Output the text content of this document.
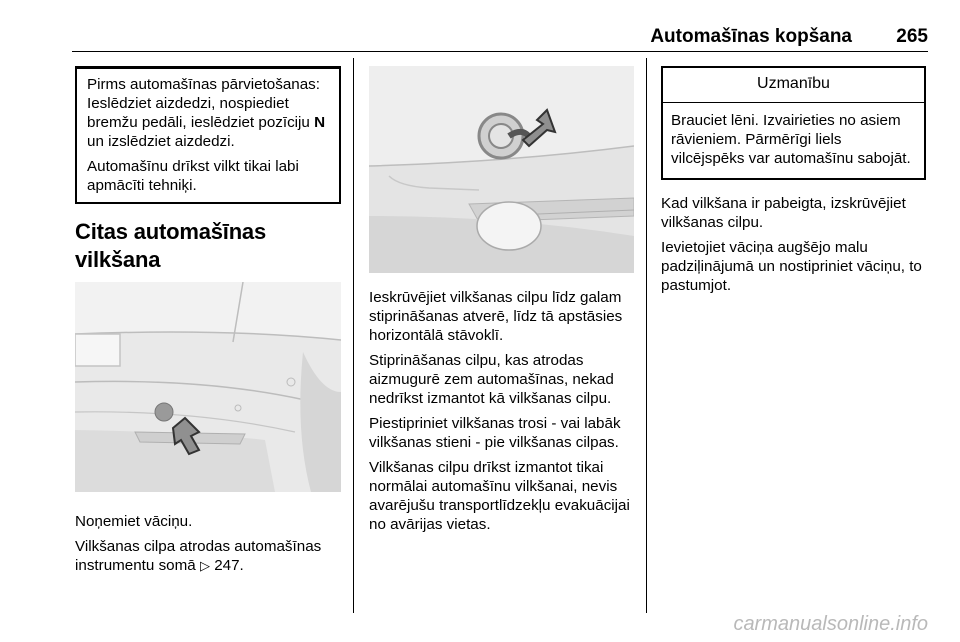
Automašīnas kopšana 265

Pirms automašīnas pārvietošanas: Ieslēdziet aizdedzi, nospiediet bremžu pedāli, ieslēdziet pozīciju N un izslēdziet aizdedzi.

Automašīnu drīkst vilkt tikai labi apmācīti tehniķi.

Citas automašīnas vilkšana

Noņemiet vāciņu.

Vilkšanas cilpa atrodas automašīnas instrumentu somā ▷ 247.

Ieskrūvējiet vilkšanas cilpu līdz galam stiprināšanas atverē, līdz tā apstāsies horizontālā stāvoklī.

Stiprināšanas cilpu, kas atrodas aizmugurē zem automašīnas, nekad nedrīkst izmantot kā vilkšanas cilpu.

Piestipriniet vilkšanas trosi - vai labāk vilkšanas stieni - pie vilkšanas cilpas.

Vilkšanas cilpu drīkst izmantot tikai normālai automašīnu vilkšanai, nevis avarējušu transportlīdzekļu evakuācijai no avārijas vietas.

Uzmanību
Brauciet lēni. Izvairieties no asiem rāvieniem. Pārmērīgi liels vilcējspēks var automašīnu sabojāt.

Kad vilkšana ir pabeigta, izskrūvējiet vilkšanas cilpu.

Ievietojiet vāciņa augšējo malu padziļinājumā un nostipriniet vāciņu, to pastumjot.

carmanualsonline.info
